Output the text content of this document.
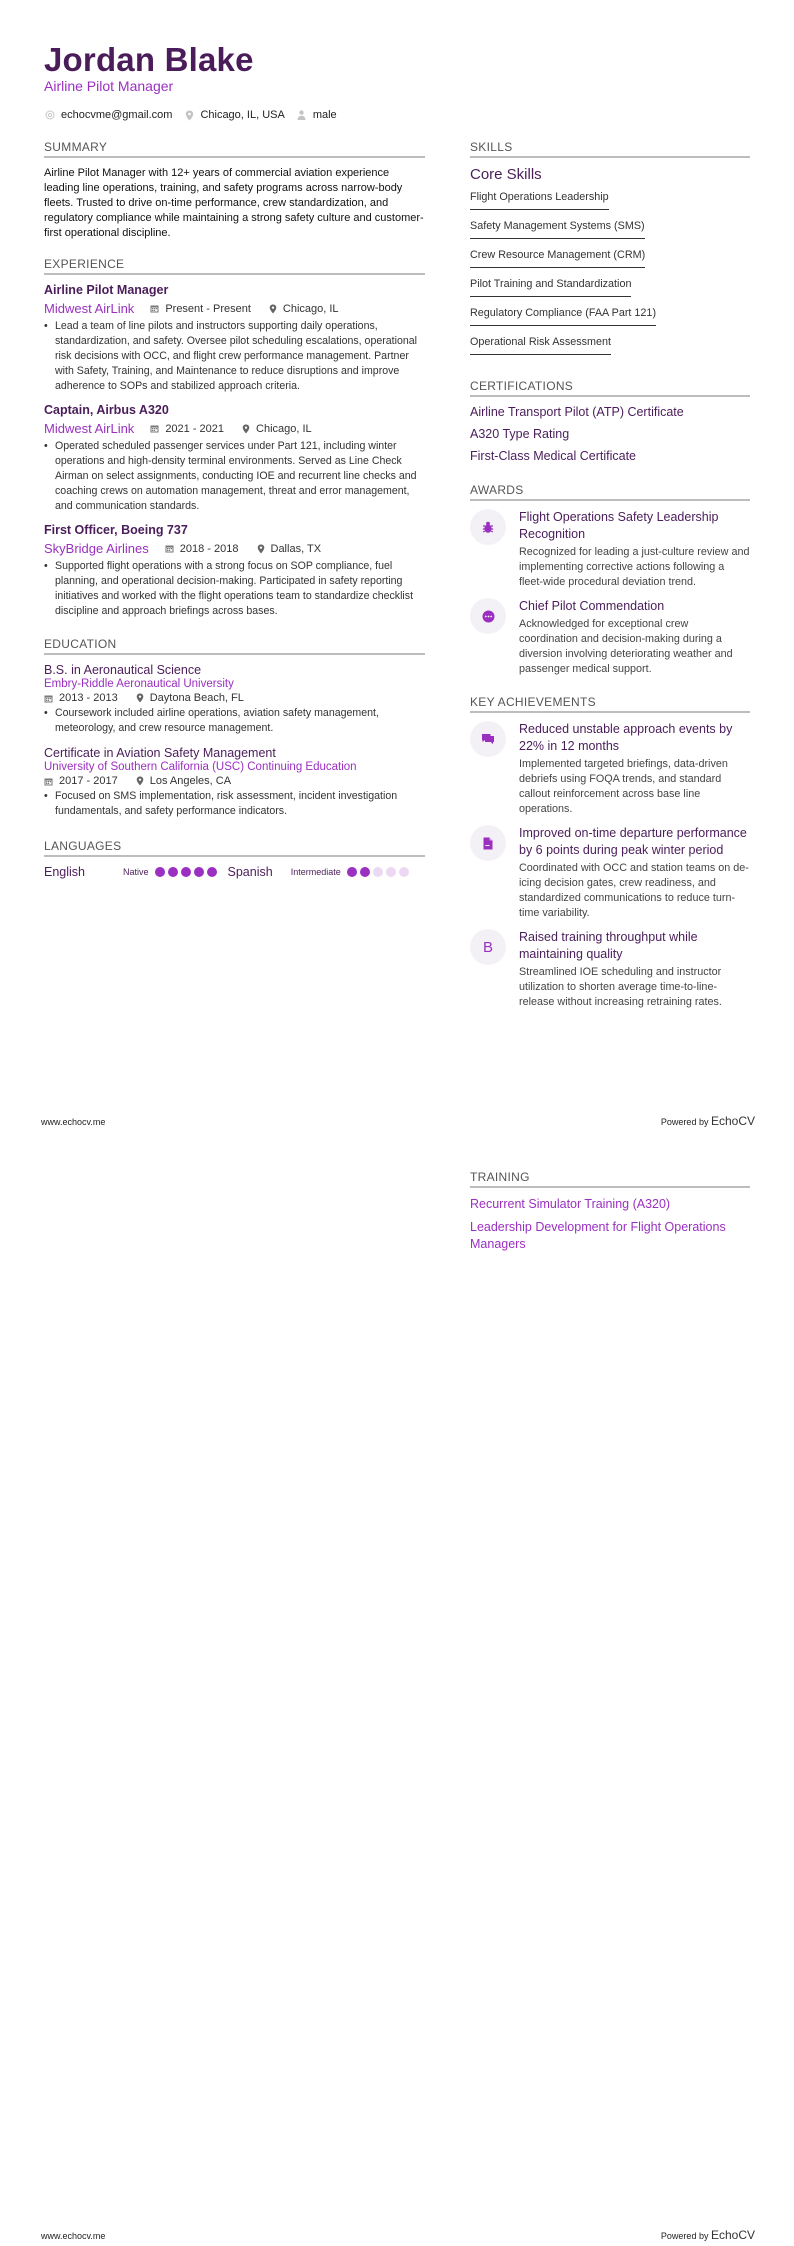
Jordan Blake
Airline Pilot Manager
echocvme@gmail.com	Chicago, IL, USA	male
SUMMARY
Airline Pilot Manager with 12+ years of commercial aviation experience leading line operations, training, and safety programs across narrow-body fleets. Trusted to drive on-time performance, crew standardization, and regulatory compliance while maintaining a strong safety culture and customer-first operational discipline.
EXPERIENCE
Airline Pilot Manager
Midwest AirLink	Present - Present	Chicago, IL
• Lead a team of line pilots and instructors supporting daily operations, standardization, and safety. Oversee pilot scheduling escalations, operational risk decisions with OCC, and flight crew performance management. Partner with Safety, Training, and Maintenance to reduce disruptions and improve adherence to SOPs and stabilized approach criteria.
Captain, Airbus A320
Midwest AirLink	2021 - 2021	Chicago, IL
• Operated scheduled passenger services under Part 121, including winter operations and high-density terminal environments. Served as Line Check Airman on select assignments, conducting IOE and recurrent line checks and coaching crews on automation management, threat and error management, and communication standards.
First Officer, Boeing 737
SkyBridge Airlines	2018 - 2018	Dallas, TX
• Supported flight operations with a strong focus on SOP compliance, fuel planning, and operational decision-making. Participated in safety reporting initiatives and worked with the flight operations team to standardize checklist discipline and approach briefings across bases.
EDUCATION
B.S. in Aeronautical Science
Embry-Riddle Aeronautical University
2013 - 2013	Daytona Beach, FL
• Coursework included airline operations, aviation safety management, meteorology, and crew resource management.
Certificate in Aviation Safety Management
University of Southern California (USC) Continuing Education
2017 - 2017	Los Angeles, CA
• Focused on SMS implementation, risk assessment, incident investigation fundamentals, and safety performance indicators.
LANGUAGES
English	Native	Spanish Intermediate
SKILLS
Core Skills
Flight Operations Leadership
Safety Management Systems (SMS)
Crew Resource Management (CRM)
Pilot Training and Standardization
Regulatory Compliance (FAA Part 121)
Operational Risk Assessment
CERTIFICATIONS
Airline Transport Pilot (ATP) Certificate
A320 Type Rating
First-Class Medical Certificate
AWARDS
Flight Operations Safety Leadership Recognition
Recognized for leading a just-culture review and implementing corrective actions following a fleet-wide procedural deviation trend.
Chief Pilot Commendation
Acknowledged for exceptional crew coordination and decision-making during a diversion involving deteriorating weather and passenger medical support.
KEY ACHIEVEMENTS
Reduced unstable approach events by 22% in 12 months
Implemented targeted briefings, data-driven debriefs using FOQA trends, and standard callout reinforcement across base line operations.
Improved on-time departure performance by 6 points during peak winter period
Coordinated with OCC and station teams on de-icing decision gates, crew readiness, and standardized communications to reduce turn-time variability.
B
Raised training throughput while maintaining quality
Streamlined IOE scheduling and instructor utilization to shorten average time-to-line-release without increasing retraining rates.
www.echocv.me	Powered by EchoCV
TRAINING
Recurrent Simulator Training (A320)
Leadership Development for Flight Operations Managers
www.echocv.me	Powered by EchoCV
